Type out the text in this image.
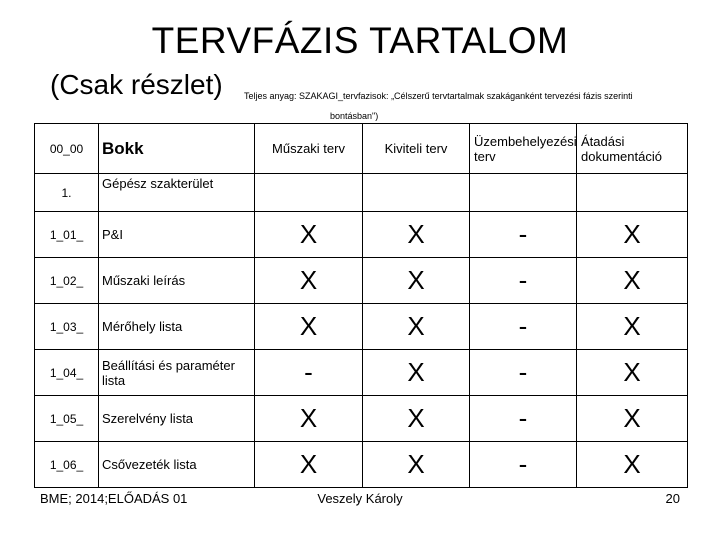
TERVFÁZIS TARTALOM
(Csak részlet) Teljes anyag: SZAKAGI_tervfazisok: „Célszerű tervtartalmak szakáganként tervezési fázis szerinti
bontásban")
00_00	Bokk	Műszaki terv	Kiviteli terv	Üzembehelyezési terv	Átadási dokumentáció
1.	Gépész szakterület				
1_01_	P&I	X	X	-	X
1_02_	Műszaki leírás	X	X	-	X
1_03_	Mérőhely lista	X	X	-	X
1_04_	Beállítási és paraméter lista	-	X	-	X
1_05_	Szerelvény lista	X	X	-	X
1_06_	Csővezeték lista	X	X	-	X
BME; 2014;ELŐADÁS 01	Veszely Károly	20
